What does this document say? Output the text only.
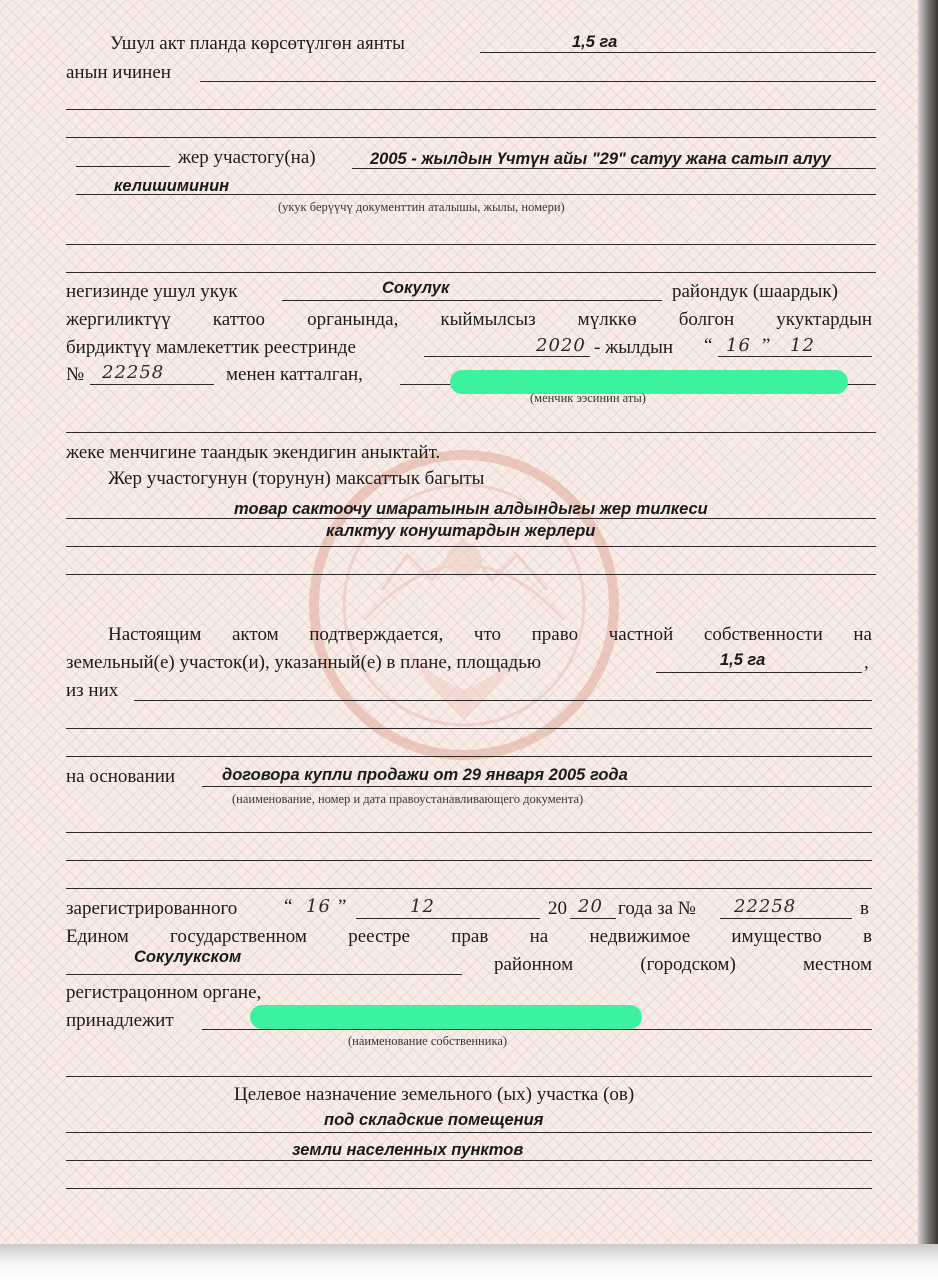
Ушул акт планда көрсөтүлгөн аянты	1,5 га
анын ичинен
жер участогу(на)	2005 - жылдын Үчтүн айы "29" сатуу жана сатып алуу
келишиминин
(укук берүүчү документтин аталышы, жылы, номери)
негизинде ушул укук	Сокулук	райондук (шаардык)
жергиликтүү каттоо органында, кыймылсыз мүлккө болгон укуктардын
бирдиктүү мамлекеттик реестринде	2020 - жылдын “ 16 ” 12
№ 22258	менен катталган,
(менчик ээсинин аты)
жеке менчигине таандык экендигин аныктайт.
Жер участогунун (торунун) максаттык багыты
товар сактоочу имаратынын алдындыгы жер тилкеси
калктуу конуштардын жерлери
Настоящим актом подтверждается, что право частной собственности на
земельный(е) участок(и), указанный(е) в плане, площадью	1,5 га	,
из них
на основании	договора купли продажи от 29 января 2005 года
(наименование, номер и дата правоустанавливающего документа)
зарегистрированного “ 16 ”	12	20 20 года за № 22258	в
Едином государственном реестре прав на недвижимое имущество в
Сокулукском	районном (городском) местном
регистрацонном органе,
принадлежит
(наименование собственника)
Целевое назначение земельного (ых) участка (ов)
под складские помещения
земли населенных пунктов
